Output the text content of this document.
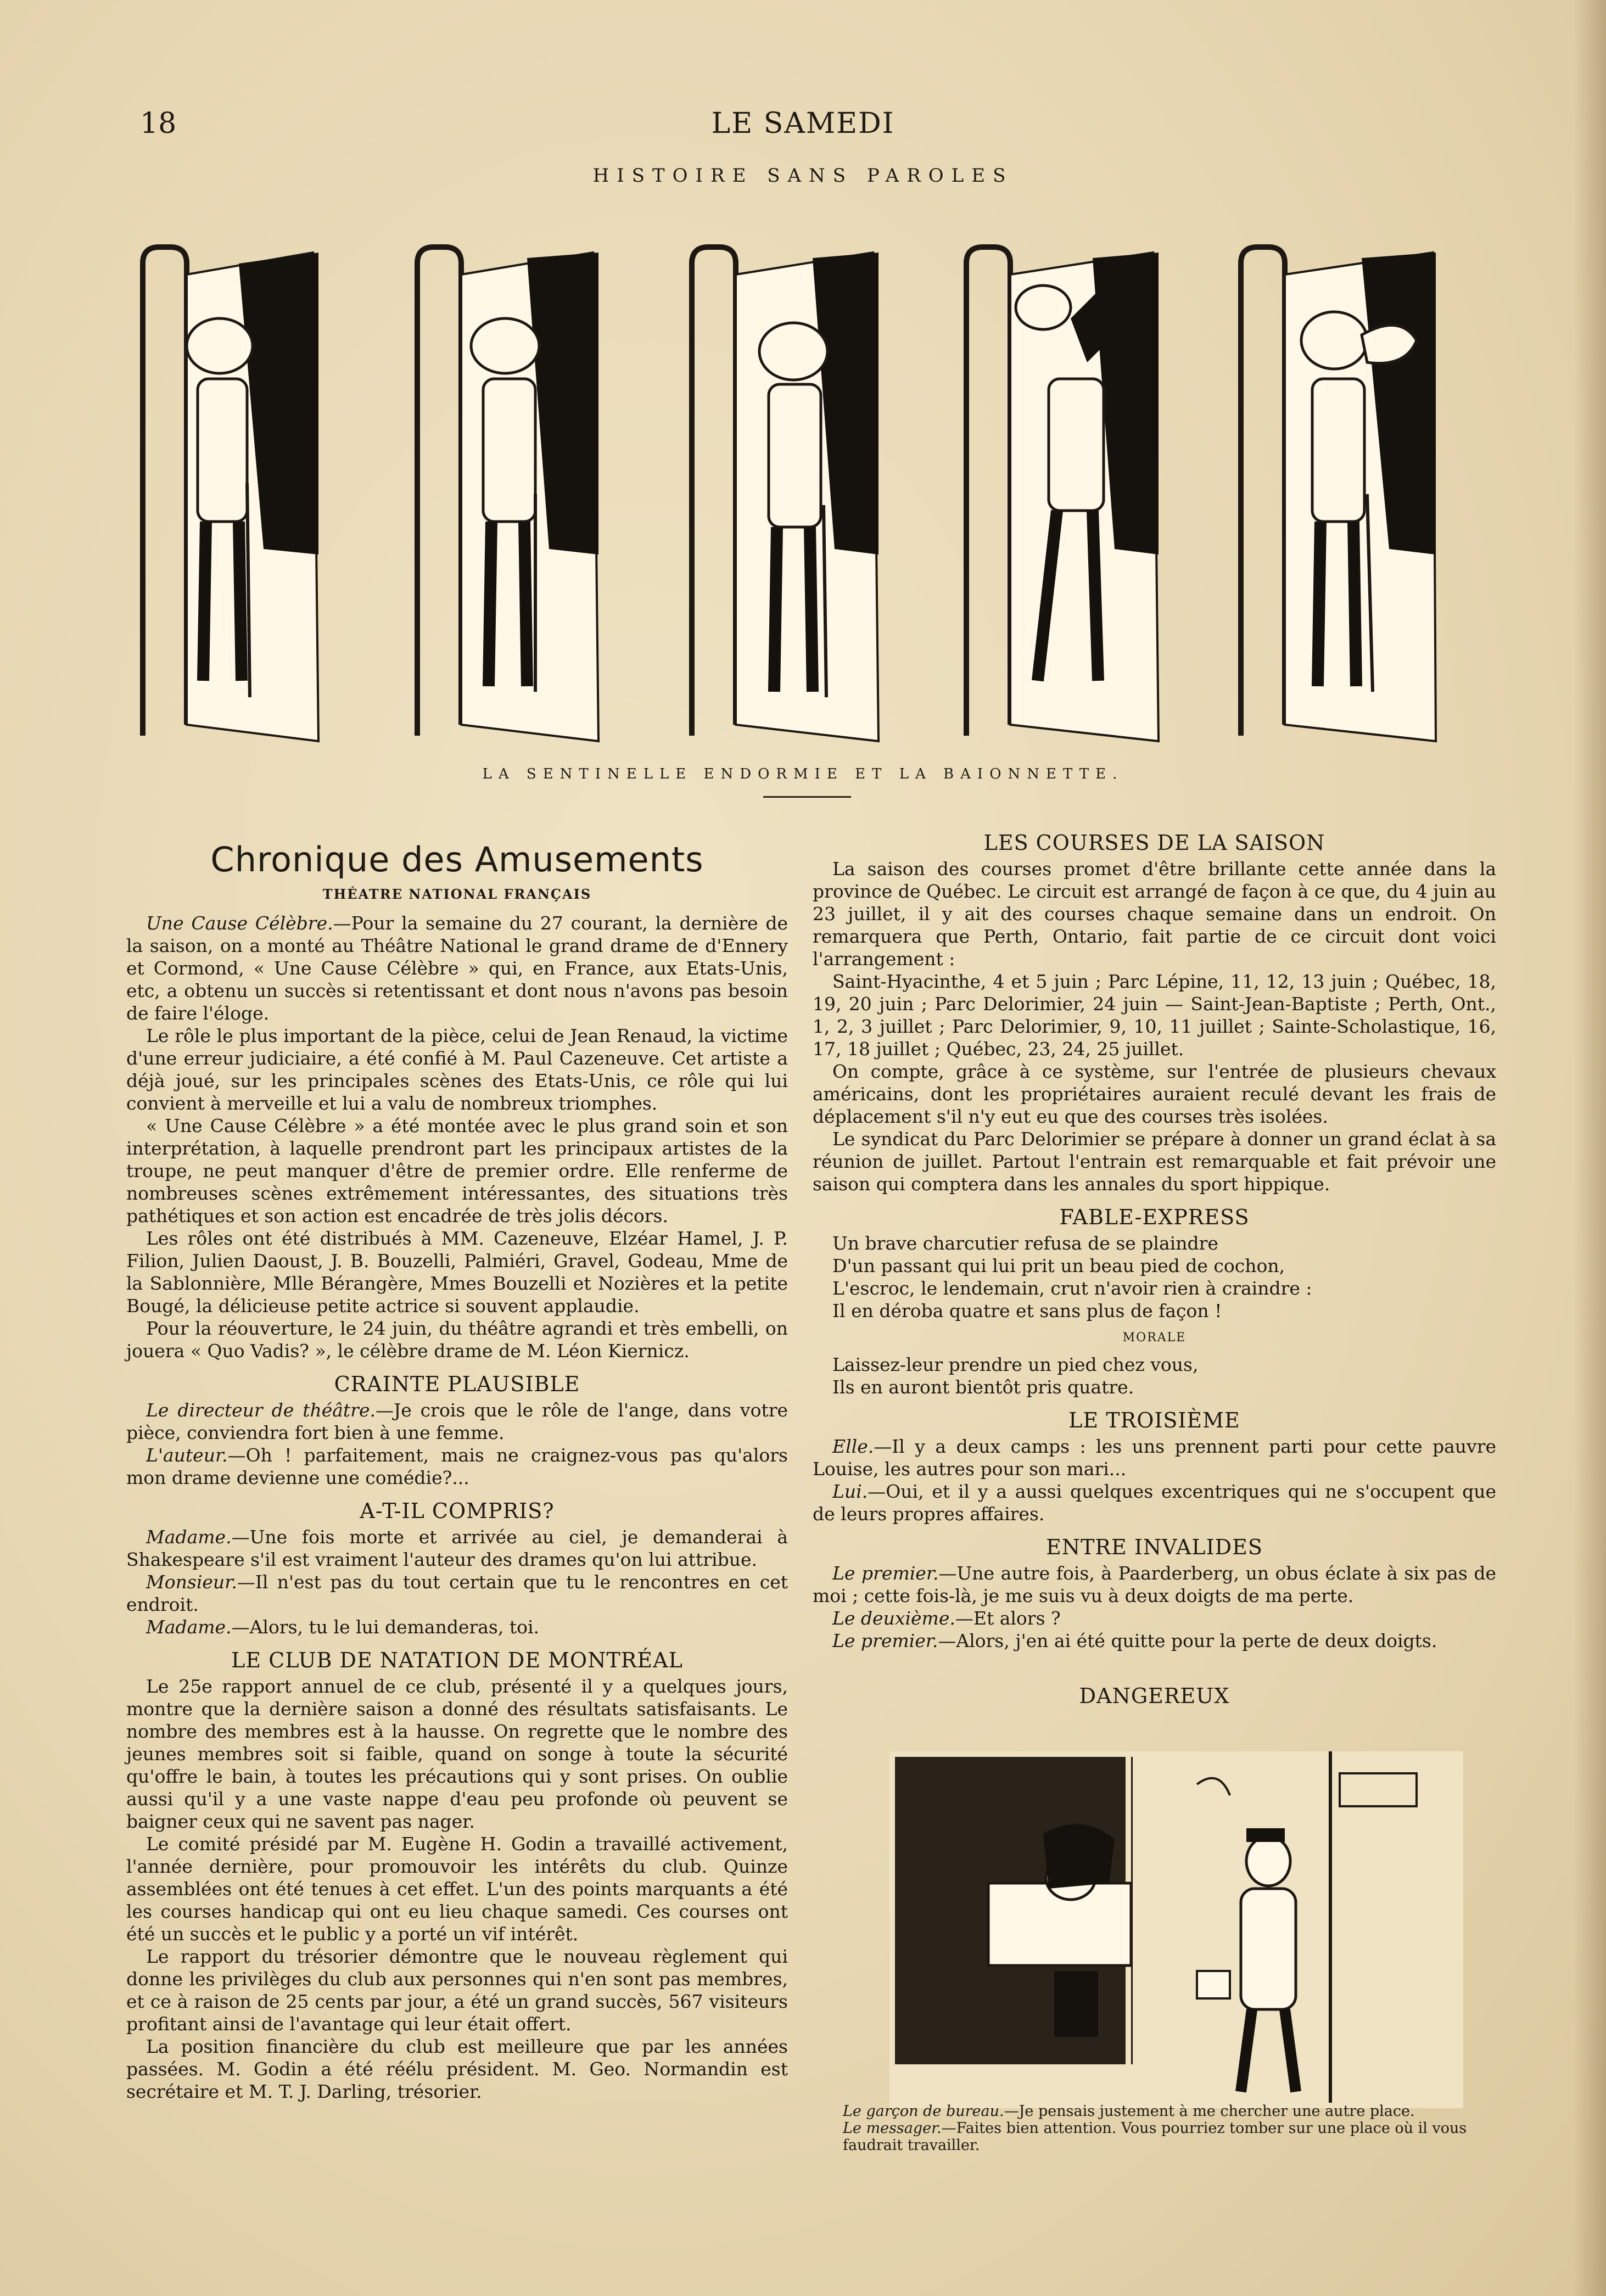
18	LE SAMEDI
HISTOIRE SANS PAROLES
LA SENTINELLE ENDORMIE ET LA BAIONNETTE.
Chronique des Amusements
THÉATRE NATIONAL FRANÇAIS

Une Cause Célèbre.—Pour la semaine du 27 courant, la dernière de la saison, on a monté au Théâtre National le grand drame de d'Ennery et Cormond, « Une Cause Célèbre » qui, en France, aux Etats-Unis, etc, a obtenu un succès si retentissant et dont nous n'avons pas besoin de faire l'éloge.

Le rôle le plus important de la pièce, celui de Jean Renaud, la victime d'une erreur judiciaire, a été confié à M. Paul Cazeneuve. Cet artiste a déjà joué, sur les principales scènes des Etats-Unis, ce rôle qui lui convient à merveille et lui a valu de nombreux triomphes.

« Une Cause Célèbre » a été montée avec le plus grand soin et son interprétation, à laquelle prendront part les principaux artistes de la troupe, ne peut manquer d'être de premier ordre. Elle renferme de nombreuses scènes extrêmement intéressantes, des situations très pathétiques et son action est encadrée de très jolis décors.

Les rôles ont été distribués à MM. Cazeneuve, Elzéar Hamel, J. P. Filion, Julien Daoust, J. B. Bouzelli, Palmiéri, Gravel, Godeau, Mme de la Sablonnière, Mlle Bérangère, Mmes Bouzelli et Nozières et la petite Bougé, la délicieuse petite actrice si souvent applaudie.

Pour la réouverture, le 24 juin, du théâtre agrandi et très embelli, on jouera « Quo Vadis? », le célèbre drame de M. Léon Kiernicz.

CRAINTE PLAUSIBLE

Le directeur de théâtre.—Je crois que le rôle de l'ange, dans votre pièce, conviendra fort bien à une femme.

L'auteur.—Oh ! parfaitement, mais ne craignez-vous pas qu'alors mon drame devienne une comédie?...

A-T-IL COMPRIS?

Madame.—Une fois morte et arrivée au ciel, je demanderai à Shakespeare s'il est vraiment l'auteur des drames qu'on lui attribue.

Monsieur.—Il n'est pas du tout certain que tu le rencontres en cet endroit.

Madame.—Alors, tu le lui demanderas, toi.

LE CLUB DE NATATION DE MONTRÉAL

Le 25e rapport annuel de ce club, présenté il y a quelques jours, montre que la dernière saison a donné des résultats satisfaisants. Le nombre des membres est à la hausse. On regrette que le nombre des jeunes membres soit si faible, quand on songe à toute la sécurité qu'offre le bain, à toutes les précautions qui y sont prises. On oublie aussi qu'il y a une vaste nappe d'eau peu profonde où peuvent se baigner ceux qui ne savent pas nager.

Le comité présidé par M. Eugène H. Godin a travaillé activement, l'année dernière, pour promouvoir les intérêts du club. Quinze assemblées ont été tenues à cet effet. L'un des points marquants a été les courses handicap qui ont eu lieu chaque samedi. Ces courses ont été un succès et le public y a porté un vif intérêt.

Le rapport du trésorier démontre que le nouveau règlement qui donne les privilèges du club aux personnes qui n'en sont pas membres, et ce à raison de 25 cents par jour, a été un grand succès, 567 visiteurs profitant ainsi de l'avantage qui leur était offert.

La position financière du club est meilleure que par les années passées. M. Godin a été réélu président. M. Geo. Normandin est secrétaire et M. T. J. Darling, trésorier.

LES COURSES DE LA SAISON

La saison des courses promet d'être brillante cette année dans la province de Québec. Le circuit est arrangé de façon à ce que, du 4 juin au 23 juillet, il y ait des courses chaque semaine dans un endroit. On remarquera que Perth, Ontario, fait partie de ce circuit dont voici l'arrangement :

Saint-Hyacinthe, 4 et 5 juin ; Parc Lépine, 11, 12, 13 juin ; Québec, 18, 19, 20 juin ; Parc Delorimier, 24 juin — Saint-Jean-Baptiste ; Perth, Ont., 1, 2, 3 juillet ; Parc Delorimier, 9, 10, 11 juillet ; Sainte-Scholastique, 16, 17, 18 juillet ; Québec, 23, 24, 25 juillet.

On compte, grâce à ce système, sur l'entrée de plusieurs chevaux américains, dont les propriétaires auraient reculé devant les frais de déplacement s'il n'y eut eu que des courses très isolées.

Le syndicat du Parc Delorimier se prépare à donner un grand éclat à sa réunion de juillet. Partout l'entrain est remarquable et fait prévoir une saison qui comptera dans les annales du sport hippique.

FABLE-EXPRESS

Un brave charcutier refusa de se plaindre

D'un passant qui lui prit un beau pied de cochon,

L'escroc, le lendemain, crut n'avoir rien à craindre :

Il en déroba quatre et sans plus de façon !

MORALE

Laissez-leur prendre un pied chez vous,

Ils en auront bientôt pris quatre.

LE TROISIÈME

Elle.—Il y a deux camps : les uns prennent parti pour cette pauvre Louise, les autres pour son mari...

Lui.—Oui, et il y a aussi quelques excentriques qui ne s'occupent que de leurs propres affaires.

ENTRE INVALIDES

Le premier.—Une autre fois, à Paarderberg, un obus éclate à six pas de moi ; cette fois-là, je me suis vu à deux doigts de ma perte.

Le deuxième.—Et alors ?

Le premier.—Alors, j'en ai été quitte pour la perte de deux doigts.

DANGEREUX

Le garçon de bureau.—Je pensais justement à me chercher une autre place.

Le messager.—Faites bien attention. Vous pourriez tomber sur une place où il vous faudrait travailler.
